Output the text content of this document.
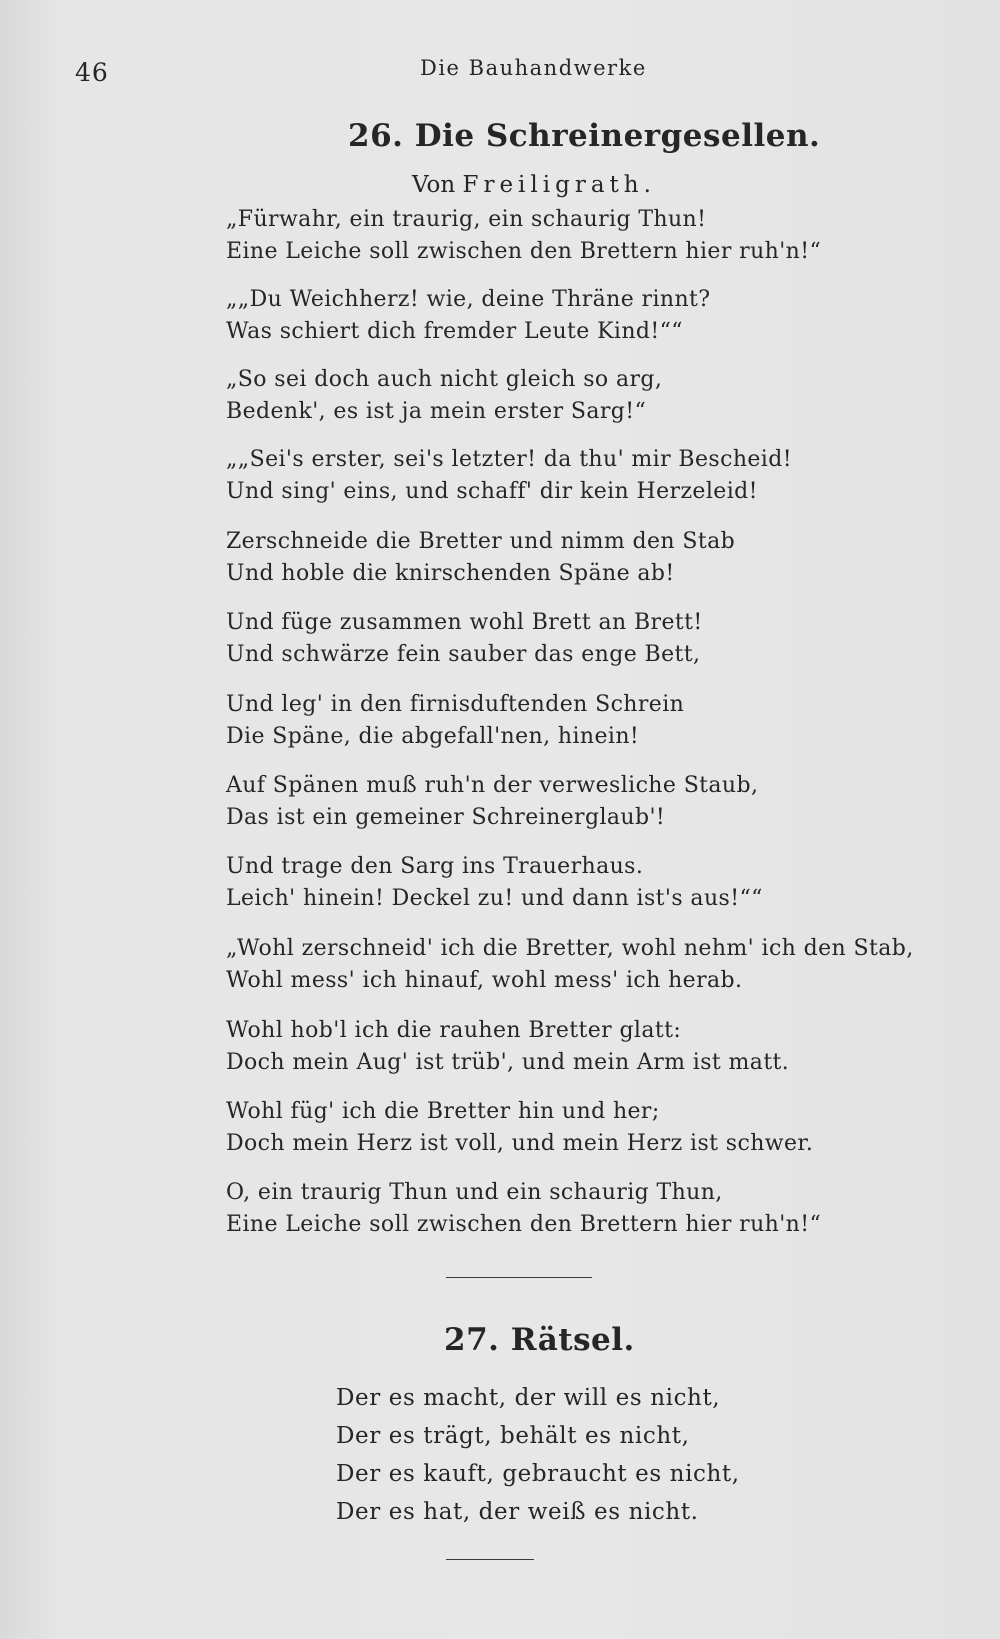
46	Die Bauhandwerke
26. Die Schreinergesellen.
Von Freiligrath.
„Fürwahr, ein traurig, ein schaurig Thun!
Eine Leiche soll zwischen den Brettern hier ruh'n!“
„„Du Weichherz! wie, deine Thräne rinnt?
Was schiert dich fremder Leute Kind!““
„So sei doch auch nicht gleich so arg,
Bedenk', es ist ja mein erster Sarg!“
„„Sei's erster, sei's letzter! da thu' mir Bescheid!
Und sing' eins, und schaff' dir kein Herzeleid!
Zerschneide die Bretter und nimm den Stab
Und hoble die knirschenden Späne ab!
Und füge zusammen wohl Brett an Brett!
Und schwärze fein sauber das enge Bett,
Und leg' in den firnisduftenden Schrein
Die Späne, die abgefall'nen, hinein!
Auf Spänen muß ruh'n der verwesliche Staub,
Das ist ein gemeiner Schreinerglaub'!
Und trage den Sarg ins Trauerhaus.
Leich' hinein! Deckel zu! und dann ist's aus!““
„Wohl zerschneid' ich die Bretter, wohl nehm' ich den Stab,
Wohl mess' ich hinauf, wohl mess' ich herab.
Wohl hob'l ich die rauhen Bretter glatt:
Doch mein Aug' ist trüb', und mein Arm ist matt.
Wohl füg' ich die Bretter hin und her;
Doch mein Herz ist voll, und mein Herz ist schwer.
O, ein traurig Thun und ein schaurig Thun,
Eine Leiche soll zwischen den Brettern hier ruh'n!“
27. Rätsel.
Der es macht, der will es nicht,
Der es trägt, behält es nicht,
Der es kauft, gebraucht es nicht,
Der es hat, der weiß es nicht.
